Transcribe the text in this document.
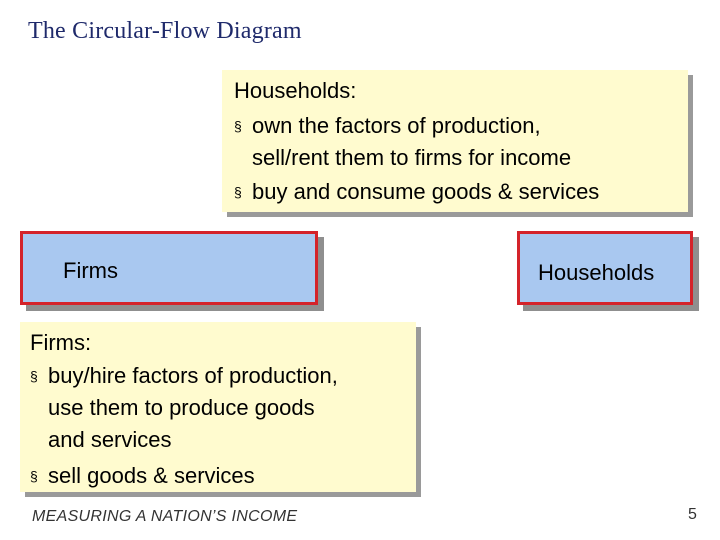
The Circular-Flow Diagram
Households:
§ own the factors of production,
sell/rent them to firms for income
§ buy and consume goods & services
Firms	Households
Firms:
§ buy/hire factors of production,
use them to produce goods
and services
§ sell goods & services
MEASURING A NATION’S INCOME	5
